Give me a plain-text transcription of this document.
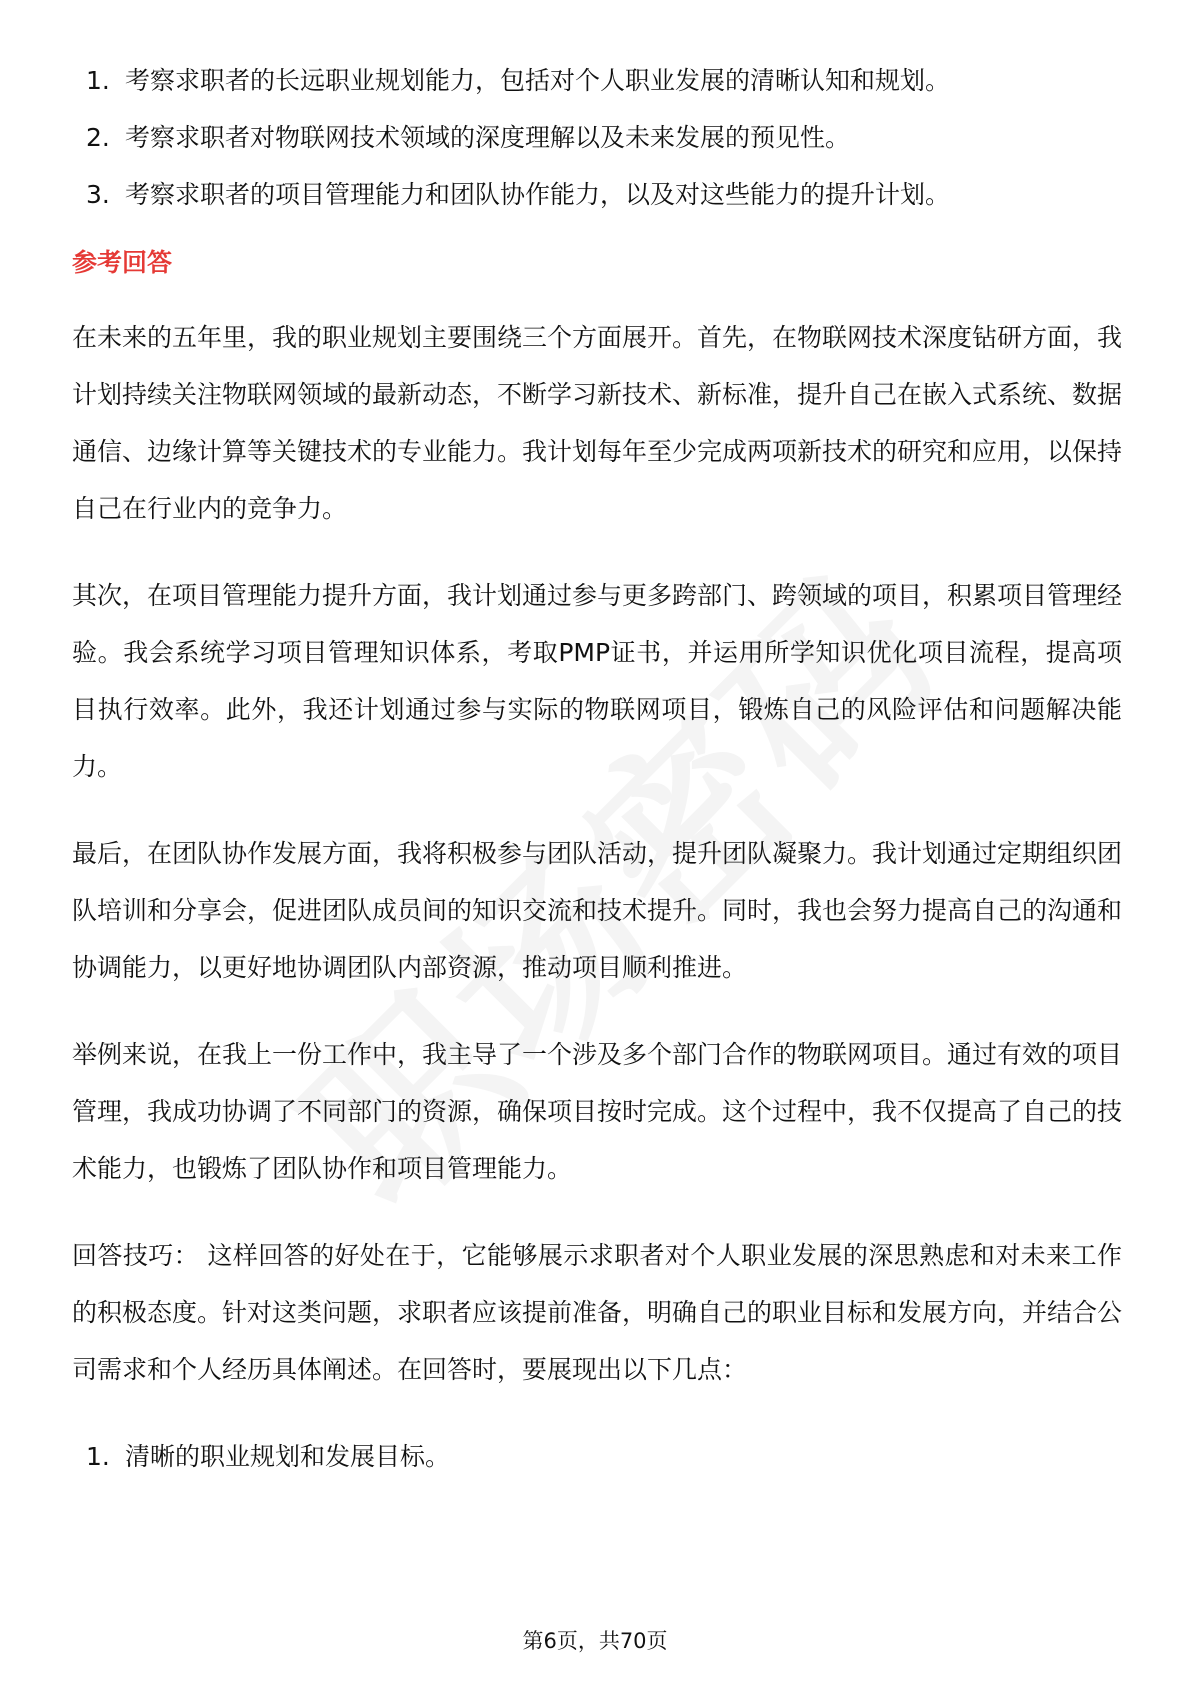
1. 考察求职者的长远职业规划能力，包括对个人职业发展的清晰认知和规划。
2. 考察求职者对物联网技术领域的深度理解以及未来发展的预见性。
3. 考察求职者的项目管理能力和团队协作能力，以及对这些能力的提升计划。
参考回答

在未来的五年里，我的职业规划主要围绕三个方面展开。首先，在物联网技术深度钻研方面，我计划持续关注物联网领域的最新动态，不断学习新技术、新标准，提升自己在嵌入式系统、数据通信、边缘计算等关键技术的专业能力。我计划每年至少完成两项新技术的研究和应用，以保持自己在行业内的竞争力。

其次，在项目管理能力提升方面，我计划通过参与更多跨部门、跨领域的项目，积累项目管理经验。我会系统学习项目管理知识体系，考取PMP证书，并运用所学知识优化项目流程，提高项目执行效率。此外，我还计划通过参与实际的物联网项目，锻炼自己的风险评估和问题解决能力。

最后，在团队协作发展方面，我将积极参与团队活动，提升团队凝聚力。我计划通过定期组织团队培训和分享会，促进团队成员间的知识交流和技术提升。同时，我也会努力提高自己的沟通和协调能力，以更好地协调团队内部资源，推动项目顺利推进。

举例来说，在我上一份工作中，我主导了一个涉及多个部门合作的物联网项目。通过有效的项目管理，我成功协调了不同部门的资源，确保项目按时完成。这个过程中，我不仅提高了自己的技术能力，也锻炼了团队协作和项目管理能力。

回答技巧： 这样回答的好处在于，它能够展示求职者对个人职业发展的深思熟虑和对未来工作的积极态度。针对这类问题，求职者应该提前准备，明确自己的职业目标和发展方向，并结合公司需求和个人经历具体阐述。在回答时，要展现出以下几点：

1. 清晰的职业规划和发展目标。
第6页，共70页
